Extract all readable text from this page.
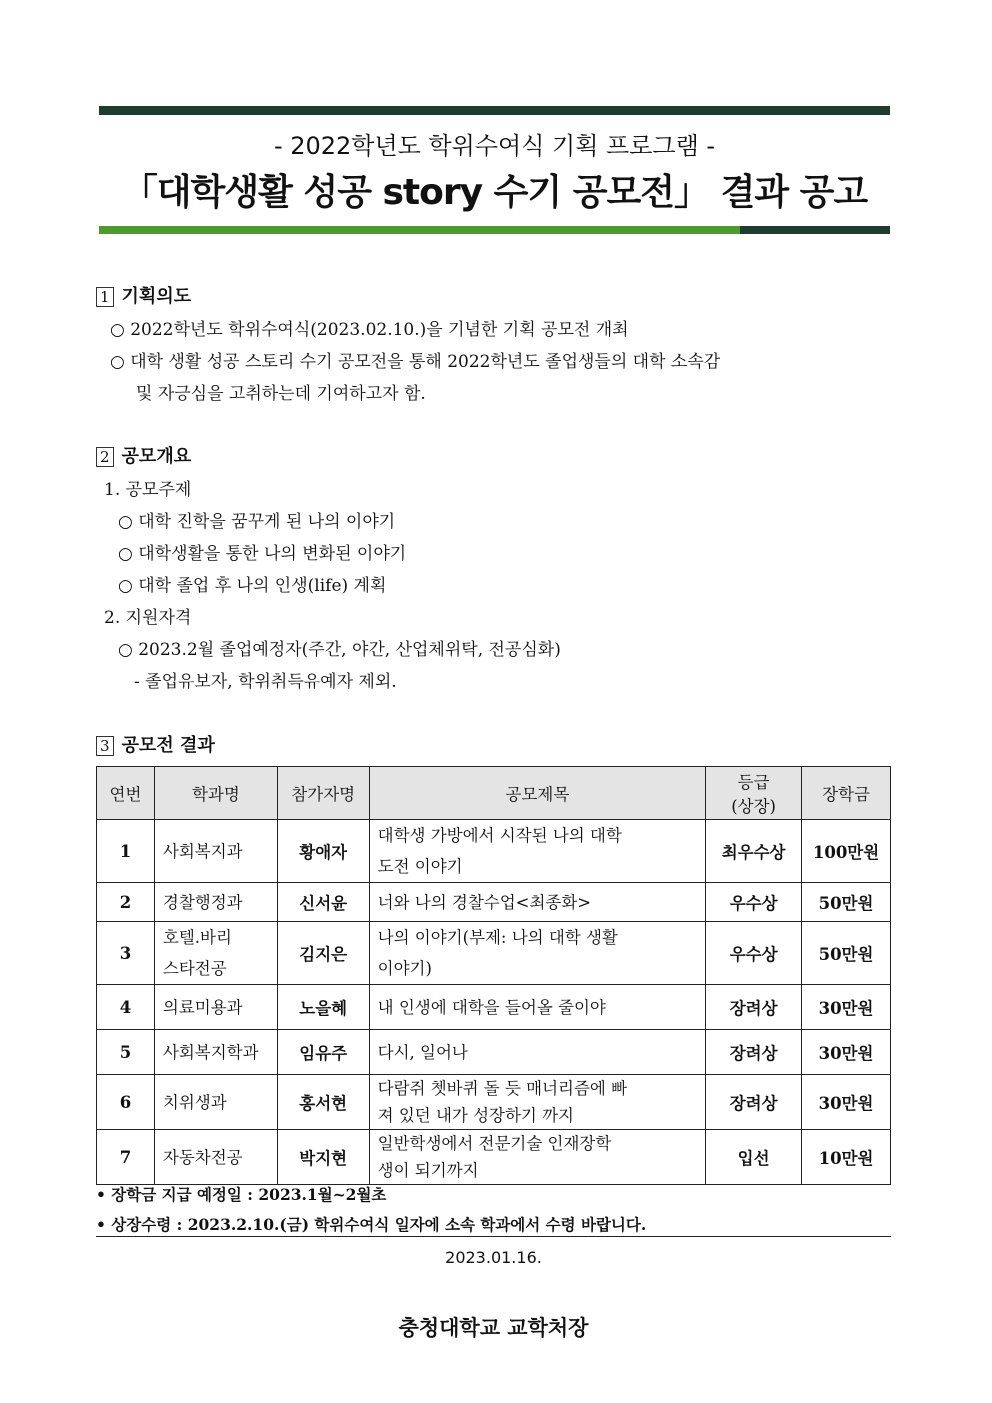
- 2022학년도 학위수여식 기획 프로그램 -
「대학생활 성공 story 수기 공모전」 결과 공고
1 기획의도
○ 2022학년도 학위수여식(2023.02.10.)을 기념한 기획 공모전 개최
○ 대학 생활 성공 스토리 수기 공모전을 통해 2022학년도 졸업생들의 대학 소속감
및 자긍심을 고취하는데 기여하고자 함.
2 공모개요
1. 공모주제
○ 대학 진학을 꿈꾸게 된 나의 이야기
○ 대학생활을 통한 나의 변화된 이야기
○ 대학 졸업 후 나의 인생(life) 계획
2. 지원자격
○ 2023.2월 졸업예정자(주간, 야간, 산업체위탁, 전공심화)
- 졸업유보자, 학위취득유예자 제외.
3 공모전 결과
연번	학과명	참가자명	공모제목	등급
(상장)	장학금
1	사회복지과	황애자	대학생 가방에서 시작된 나의 대학
도전 이야기	최우수상	100만원
2	경찰행정과	신서윤	너와 나의 경찰수업<최종화>	우수상	50만원
3	호텔.바리
스타전공	김지은	나의 이야기(부제: 나의 대학 생활
이야기)	우수상	50만원
4	의료미용과	노을혜	내 인생에 대학을 들어올 줄이야	장려상	30만원
5	사회복지학과	임유주	다시, 일어나	장려상	30만원
6	치위생과	홍서현	다람쥐 쳇바퀴 돌 듯 매너리즘에 빠
져 있던 내가 성장하기 까지	장려상	30만원
7	자동차전공	박지현	일반학생에서 전문기술 인재장학
생이 되기까지	입선	10만원
• 장학금 지급 예정일 : 2023.1월~2월초
• 상장수령 : 2023.2.10.(금) 학위수여식 일자에 소속 학과에서 수령 바랍니다.
2023.01.16.
충청대학교 교학처장
